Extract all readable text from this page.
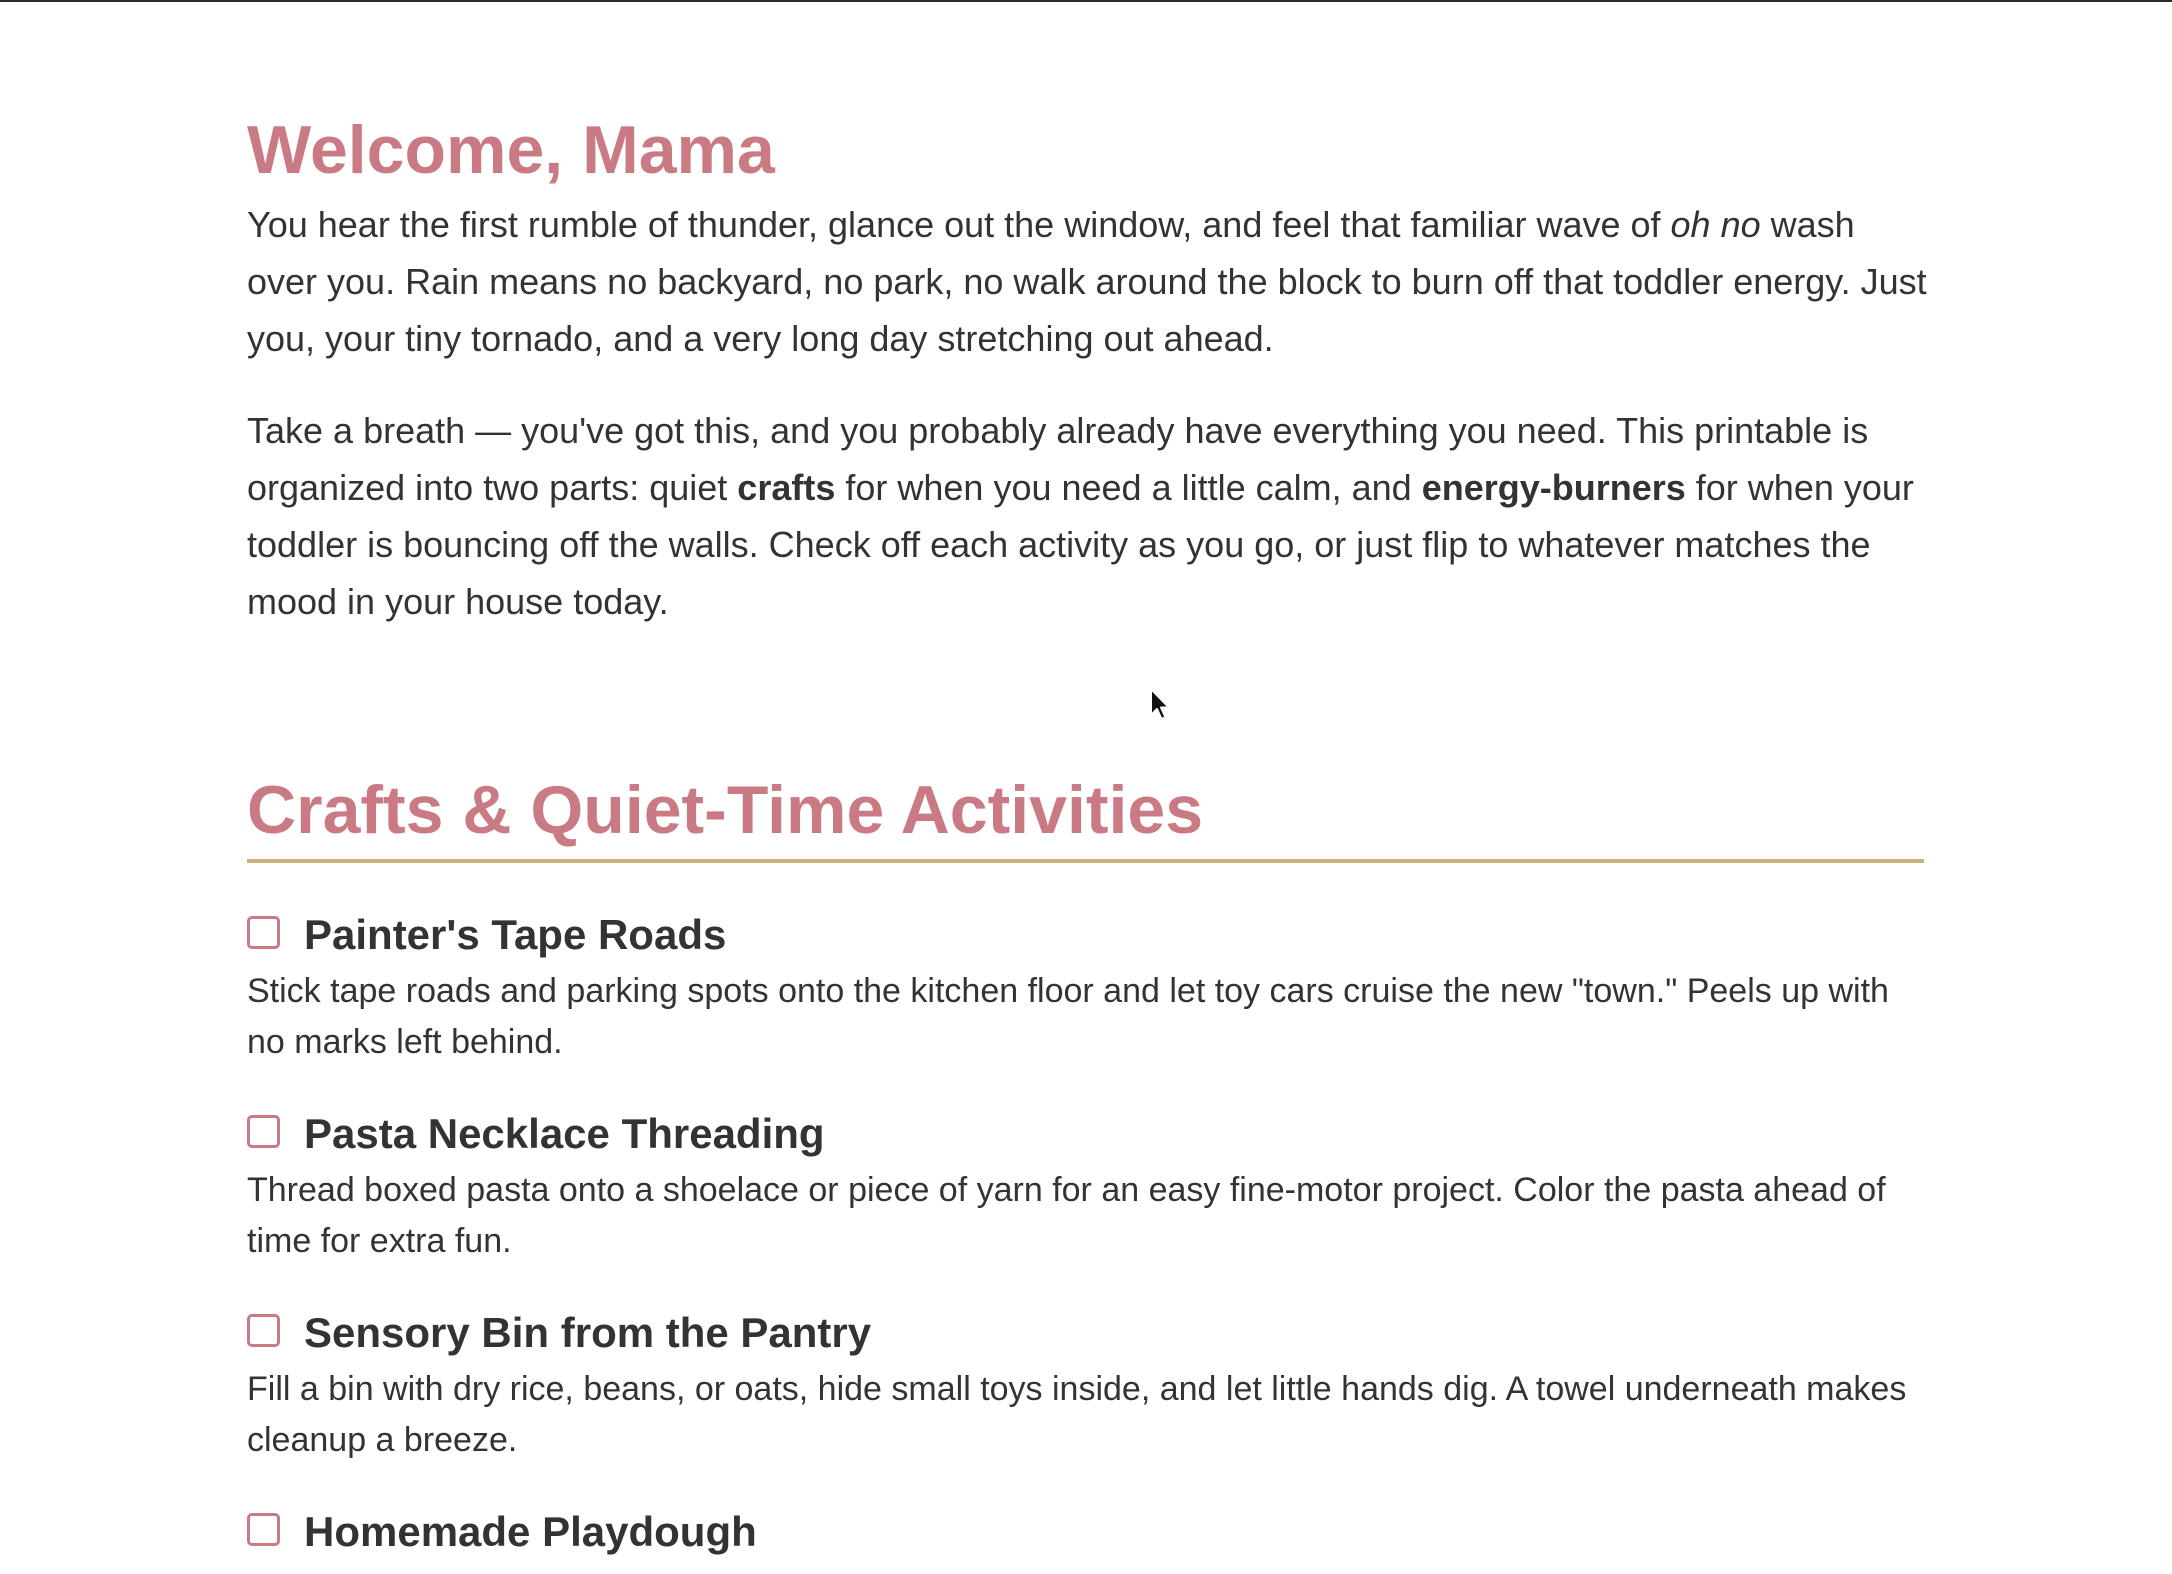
Welcome, Mama

You hear the first rumble of thunder, glance out the window, and feel that familiar wave of oh no wash over you. Rain means no backyard, no park, no walk around the block to burn off that toddler energy. Just you, your tiny tornado, and a very long day stretching out ahead.

Take a breath — you've got this, and you probably already have everything you need. This printable is organized into two parts: quiet crafts for when you need a little calm, and energy-burners for when your toddler is bouncing off the walls. Check off each activity as you go, or just flip to whatever matches the mood in your house today.

Crafts & Quiet-Time Activities
Painter's Tape Roads

Stick tape roads and parking spots onto the kitchen floor and let toy cars cruise the new "town." Peels up with no marks left behind.

Pasta Necklace Threading

Thread boxed pasta onto a shoelace or piece of yarn for an easy fine-motor project. Color the pasta ahead of time for extra fun.

Sensory Bin from the Pantry

Fill a bin with dry rice, beans, or oats, hide small toys inside, and let little hands dig. A towel underneath makes cleanup a breeze.

Homemade Playdough
